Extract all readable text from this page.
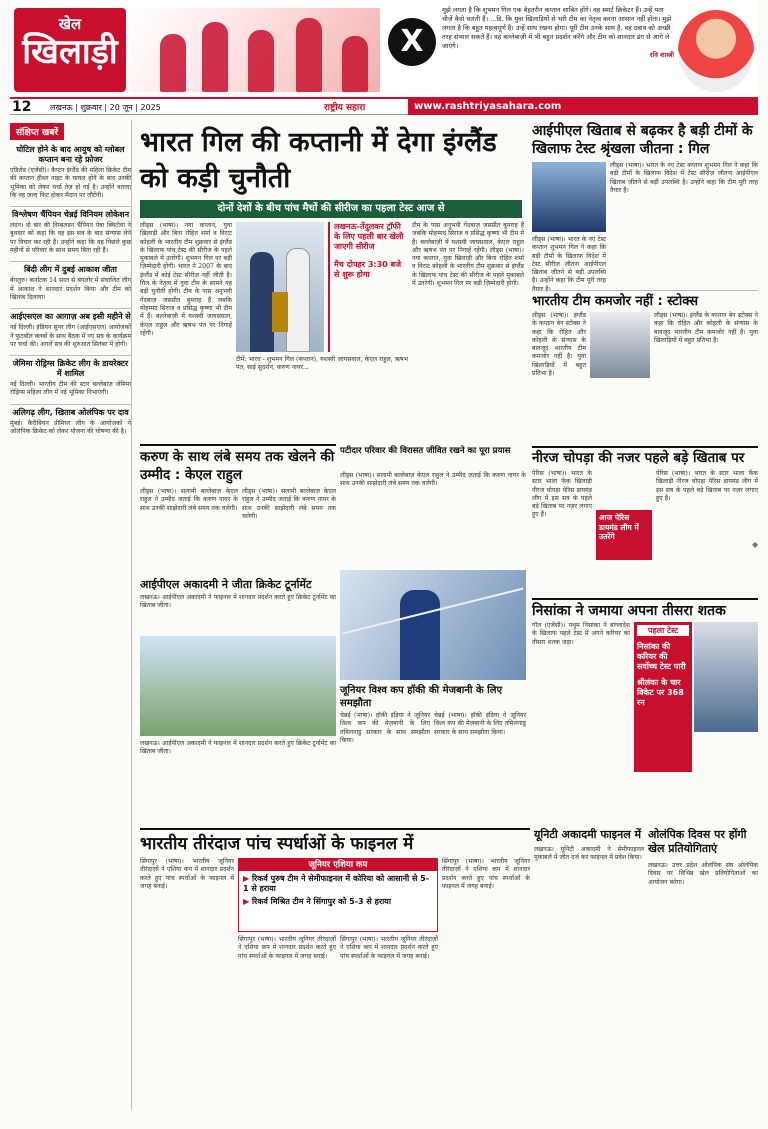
◆
खेल
खिलाड़ी	X
मुझे लगता है कि शुभमन गिल एक बेहतरीन कप्तान साबित होंगे। वह स्मार्ट क्रिकेटर हैं। उन्हें पता चीज़ें कैसे चलती हैं। ...डि, कि युवा खिलाड़ियों से भरी टीम का नेतृत्व करना आसान नहीं होता। मुझे लगता है कि बहुत महत्वपूर्ण है। उन्हें साथ रखना होगा। पूरी टीम उनके साथ है, वह दबाव को अच्छी तरह संभाल सकते हैं। वह बल्लेबाज़ी में भी बहुत प्रदर्शन करेंगे और टीम को शानदार ढंग से आगे ले जाएंगे।
रवि शास्त्री
12 लखनऊ | शुक्रवार | 20 जून | 2025	राष्ट्रीय सहारा	www.rashtriyasahara.com
संक्षिप्त खबरें
घोटिल होने के बाद आयुष को ग्लोबल कप्तान बना रहे फ्रोजर
एडिलेड (एजेंसी)। कैप्टन इंग्लैंड की महिला क्रिकेट टीम की कप्तान हीथर नाइट के घायल होने के बाद उनकी भूमिका को लेकर चर्चा तेज़ हो गई है। उन्होंने बताया कि वह जल्द फिट होकर मैदान पर लौटेंगी।
विश्लेषण चैंपियन चेन्नई विनियम लोकेशन
लंदन। दो बार की विम्बलडन चैंपियन पेत्रा क्विटोवा ने बुधवार को कहा कि वह इस सत्र के बाद संन्यास लेने पर विचार कर रही हैं। उन्होंने कहा कि वह पिछले कुछ महीनों से परिवार के साथ समय बिता रही हैं।
बिंदी लीग में दुबई आकाश जीता
बेंगलुरु। कर्नाटक 14 साल से बंगलोर में संचालित लीग में आकाश ने शानदार प्रदर्शन किया और टीम को खिताब दिलाया।
आईएसएल का आगाज़ अब इसी महीने से
नई दिल्ली। इंडियन सुपर लीग (आईएसएल) आयोजकों ने फुटबॉल क्लबों के साथ बैठक में नए सत्र के कार्यक्रम पर चर्चा की। अगले सत्र की शुरुआत सितंबर में होगी।
जेमिमा रोड्रिग्स क्रिकेट लीग के डायरेक्टर में शामिल
नई दिल्ली। भारतीय टीम की स्टार बल्लेबाज़ जेमिमा रोड्रिग्स महिला लीग में नई भूमिका निभाएंगी।
अलिगढ़ लीग, खिताब ओलंपिक पर दाव
मुंबई। कैरीबियन प्रीमियर लीग के आयोजकों ने ओलंपिक क्रिकेट को लेकर योजना की घोषणा की है।
भारत गिल की कप्तानी में देगा इंग्लैंड को कड़ी चुनौती
दोनों देशों के बीच पांच मैचों की सीरीज का पहला टेस्ट आज से
लीड्स (भाषा)। नया कप्तान, युवा खिलाड़ी और बिना रोहित शर्मा व विराट कोहली के भारतीय टीम शुक्रवार से इंग्लैंड के खिलाफ पांच टेस्ट की सीरीज के पहले मुकाबले में उतरेगी। शुभमन गिल पर बड़ी ज़िम्मेदारी होगी। भारत ने 2007 के बाद इंग्लैंड में कोई टेस्ट सीरीज़ नहीं जीती है। गिल के नेतृत्व में युवा टीम के सामने यह बड़ी चुनौती होगी। टीम के पास अनुभवी गेंदबाज़ जसप्रीत बुमराह हैं जबकि मोहम्मद सिराज व प्रसिद्ध कृष्णा भी टीम में हैं। बल्लेबाज़ी में यशस्वी जायसवाल, केएल राहुल और ऋषभ पंत पर निगाहें रहेंगी।
लखनऊ-तेंदुलकर ट्रॉफी के लिए पहली बार खेली जाएगी सीरीज
मैच दोपहर 3:30 बजे से शुरू होगा
टीमें: भारत - शुभमन गिल (कप्तान), यशस्वी जायसवाल, केएल राहुल, ऋषभ पंत, साई सुदर्शन, करुण नायर...
टीम के पास अनुभवी गेंदबाज़ जसप्रीत बुमराह हैं जबकि मोहम्मद सिराज व प्रसिद्ध कृष्णा भी टीम में हैं। बल्लेबाज़ी में यशस्वी जायसवाल, केएल राहुल और ऋषभ पंत पर निगाहें रहेंगी। लीड्स (भाषा)। नया कप्तान, युवा खिलाड़ी और बिना रोहित शर्मा व विराट कोहली के भारतीय टीम शुक्रवार से इंग्लैंड के खिलाफ पांच टेस्ट की सीरीज के पहले मुकाबले में उतरेगी। शुभमन गिल पर बड़ी ज़िम्मेदारी होगी।
आईपीएल खिताब से बढ़कर है बड़ी टीमों के खिलाफ टेस्ट श्रृंखला जीतना : गिल
लीड्स (भाषा)। भारत के नए टेस्ट कप्तान शुभमन गिल ने कहा कि बड़ी टीमों के खिलाफ विदेश में टेस्ट सीरीज़ जीतना आईपीएल खिताब जीतने से बड़ी उपलब्धि है। उन्होंने कहा कि टीम पूरी तरह तैयार है।
लीड्स (भाषा)। भारत के नए टेस्ट कप्तान शुभमन गिल ने कहा कि बड़ी टीमों के खिलाफ विदेश में टेस्ट सीरीज़ जीतना आईपीएल खिताब जीतने से बड़ी उपलब्धि है। उन्होंने कहा कि टीम पूरी तरह तैयार है।
भारतीय टीम कमजोर नहीं : स्टोक्स
लीड्स (भाषा)। इंग्लैंड के कप्तान बेन स्टोक्स ने कहा कि रोहित और कोहली के संन्यास के बावजूद भारतीय टीम कमजोर नहीं है। युवा खिलाड़ियों में बहुत प्रतिभा है।
लीड्स (भाषा)। इंग्लैंड के कप्तान बेन स्टोक्स ने कहा कि रोहित और कोहली के संन्यास के बावजूद भारतीय टीम कमजोर नहीं है। युवा खिलाड़ियों में बहुत प्रतिभा है।
करुण के साथ लंबे समय तक खेलने की उम्मीद : केएल राहुल
पटीदार परिवार की विरासत जीवित रखने का पूरा प्रयास
लीड्स (भाषा)। सलामी बल्लेबाज़ केएल राहुल ने उम्मीद जताई कि करुण नायर के साथ उनकी साझेदारी लंबे समय तक चलेगी।
लीड्स (भाषा)। सलामी बल्लेबाज़ केएल राहुल ने उम्मीद जताई कि करुण नायर के साथ उनकी साझेदारी लंबे समय तक चलेगी।
लीड्स (भाषा)। सलामी बल्लेबाज़ केएल राहुल ने उम्मीद जताई कि करुण नायर के साथ उनकी साझेदारी लंबे समय तक चलेगी।
नीरज चोपड़ा की नजर पहले बड़े खिताब पर
पेरिस (भाषा)। भारत के स्टार भाला फेंक खिलाड़ी नीरज चोपड़ा पेरिस डायमंड लीग में इस सत्र के पहले बड़े खिताब पर नज़र लगाए हुए हैं।	आज पेरिस डायमंड लीग में उतरेंगे
पेरिस (भाषा)। भारत के स्टार भाला फेंक खिलाड़ी नीरज चोपड़ा पेरिस डायमंड लीग में इस सत्र के पहले बड़े खिताब पर नज़र लगाए हुए हैं।
आईपीएल अकादमी ने जीता क्रिकेट टूर्नामेंट
लखनऊ। आईपीएल अकादमी ने फाइनल में शानदार प्रदर्शन करते हुए क्रिकेट टूर्नामेंट का खिताब जीता।
लखनऊ। आईपीएल अकादमी ने फाइनल में शानदार प्रदर्शन करते हुए क्रिकेट टूर्नामेंट का खिताब जीता।
जूनियर विश्व कप हॉकी की मेजबानी के लिए समझौता
चेन्नई (भाषा)। हॉकी इंडिया ने जूनियर विश्व कप की मेज़बानी के लिए तमिलनाडु सरकार के साथ समझौता किया।
चेन्नई (भाषा)। हॉकी इंडिया ने जूनियर विश्व कप की मेज़बानी के लिए तमिलनाडु सरकार के साथ समझौता किया।
निसांका ने जमाया अपना तीसरा शतक
गॉल (एजेंसी)। पथुम निसांका ने बांग्लादेश के खिलाफ पहले टेस्ट में अपने करियर का तीसरा शतक जड़ा।
पहला टेस्ट
निसांका की करियर की सर्वोच्च टेस्ट पारी
श्रीलंका के चार विकेट पर 368 रन
भारतीय तीरंदाज पांच स्पर्धाओं के फाइनल में
सिंगापुर (भाषा)। भारतीय जूनियर तीरंदाज़ों ने एशिया कप में शानदार प्रदर्शन करते हुए पांच स्पर्धाओं के फाइनल में जगह बनाई।
जूनियर एशिया कप
▶ रिकर्व पुरुष टीम ने सेमीफाइनल में कोरिया को आसानी से 5-1 से हराया
▶ रिकर्व मिश्रित टीम ने सिंगापुर को 5-3 से हराया
सिंगापुर (भाषा)। भारतीय जूनियर तीरंदाज़ों ने एशिया कप में शानदार प्रदर्शन करते हुए पांच स्पर्धाओं के फाइनल में जगह बनाई।
सिंगापुर (भाषा)। भारतीय जूनियर तीरंदाज़ों ने एशिया कप में शानदार प्रदर्शन करते हुए पांच स्पर्धाओं के फाइनल में जगह बनाई।
सिंगापुर (भाषा)। भारतीय जूनियर तीरंदाज़ों ने एशिया कप में शानदार प्रदर्शन करते हुए पांच स्पर्धाओं के फाइनल में जगह बनाई।
यूनिटी अकादमी फाइनल में
लखनऊ। यूनिटी अकादमी ने सेमीफाइनल मुकाबले में जीत दर्ज कर फाइनल में प्रवेश किया।
ओलंपिक दिवस पर होंगी खेल प्रतियोगिताएं
लखनऊ। उत्तर प्रदेश ओलंपिक संघ ओलंपिक दिवस पर विभिन्न खेल प्रतियोगिताओं का आयोजन करेगा।
